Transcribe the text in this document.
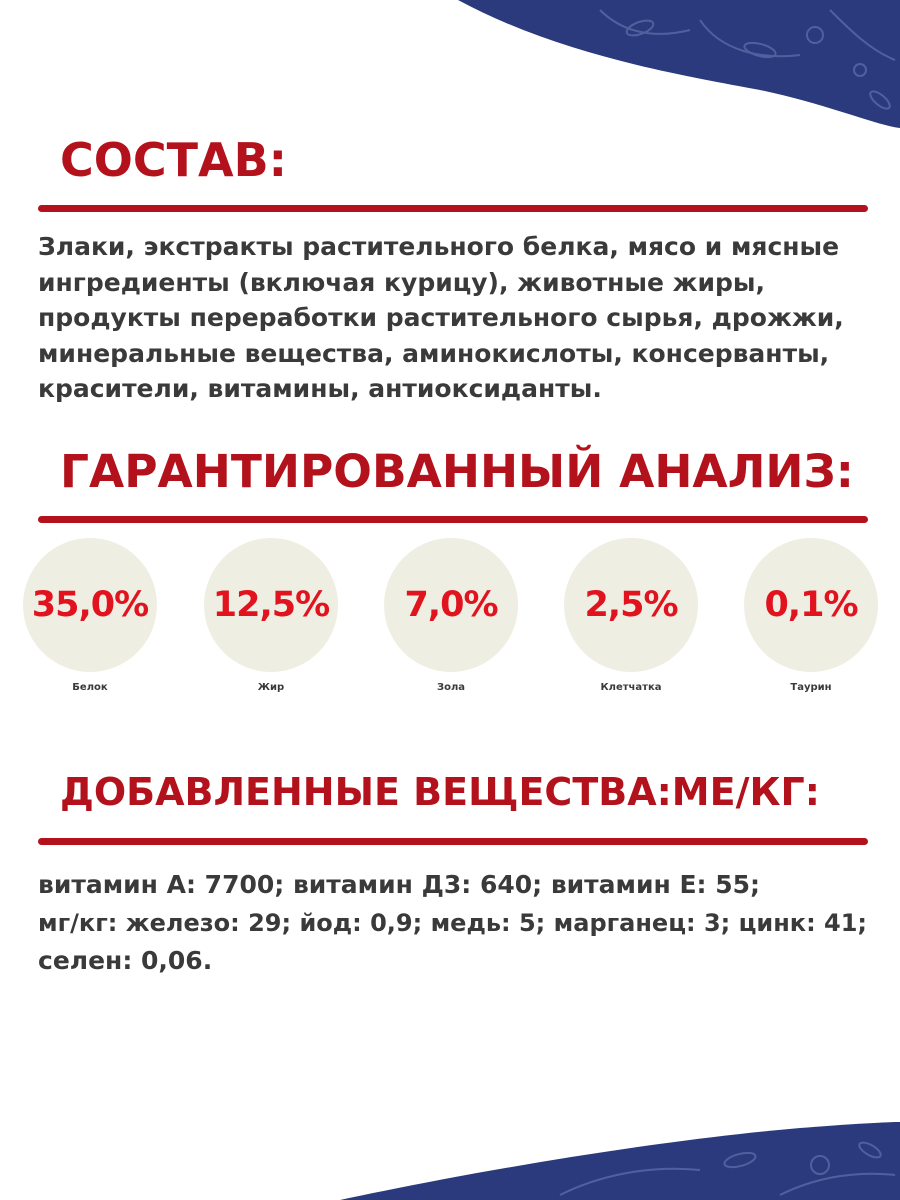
СОСТАВ:

Злаки, экстракты растительного белка, мясо и мясные
ингредиенты (включая курицу), животные жиры,
продукты переработки растительного сырья, дрожжи,
минеральные вещества, аминокислоты, консерванты,
красители, витамины, антиоксиданты.

ГАРАНТИРОВАННЫЙ АНАЛИЗ:
35,0%
Белок
12,5%
Жир
7,0%
Зола
2,5%
Клетчатка
0,1%
Таурин
ДОБАВЛЕННЫЕ ВЕЩЕСТВА:МЕ/КГ:

витамин А: 7700; витамин Д3: 640; витамин Е: 55;
мг/кг: железо: 29; йод: 0,9; медь: 5; марганец: 3; цинк: 41;
селен: 0,06.
